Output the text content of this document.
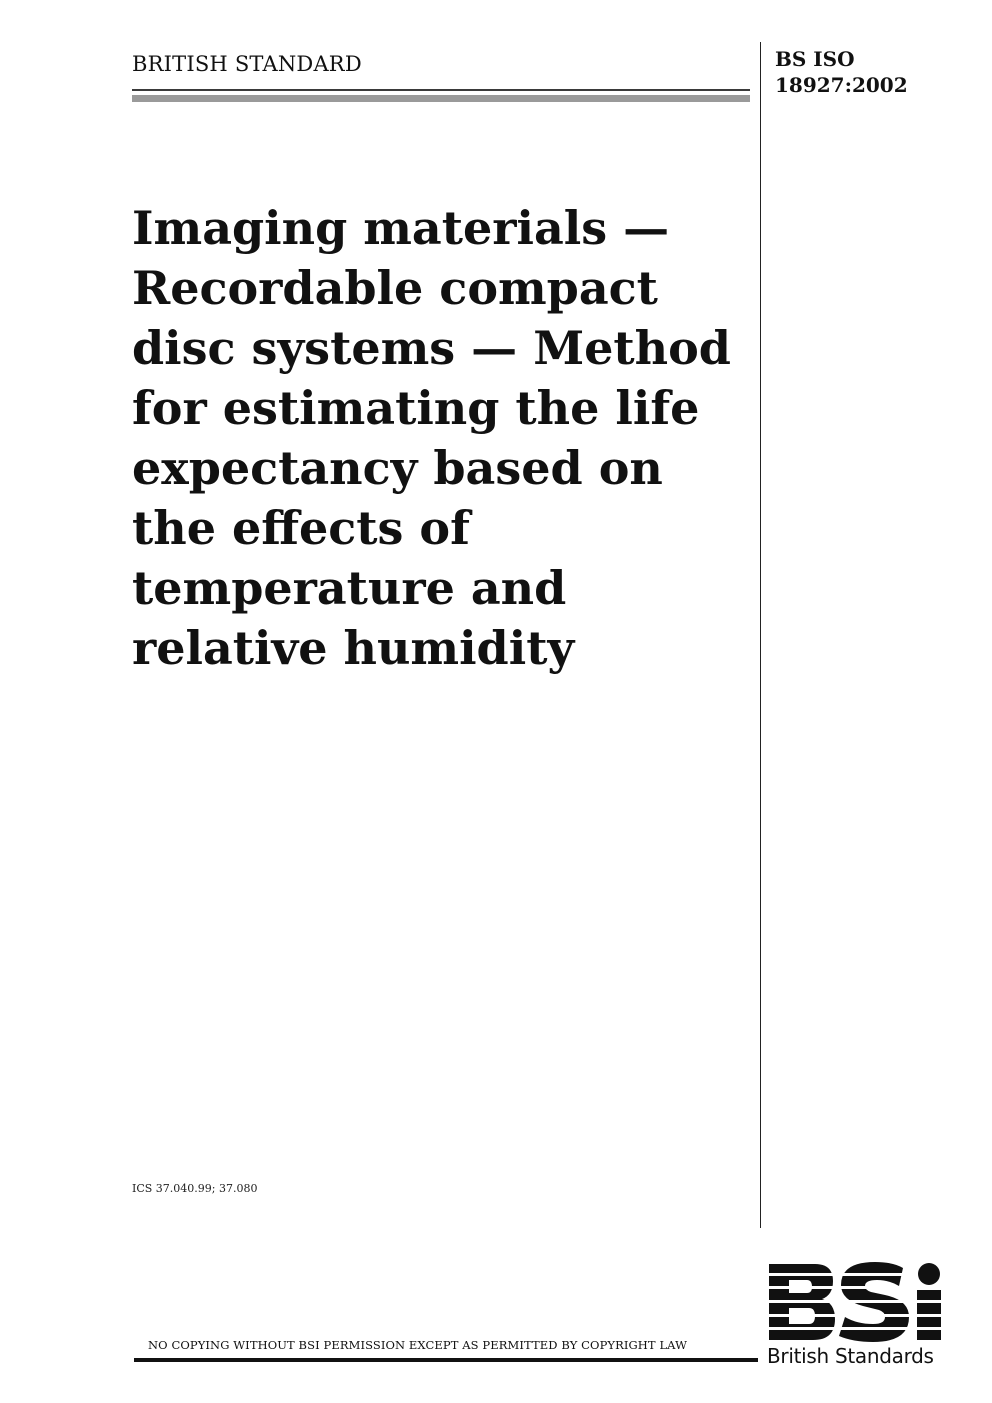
BRITISH STANDARD	BS ISO
18927:2002
Imaging materials —
Recordable compact
disc systems — Method
for estimating the life
expectancy based on
the effects of
temperature and
relative humidity
ICS 37.040.99; 37.080
NO COPYING WITHOUT BSI PERMISSION EXCEPT AS PERMITTED BY COPYRIGHT LAW	British Standards
